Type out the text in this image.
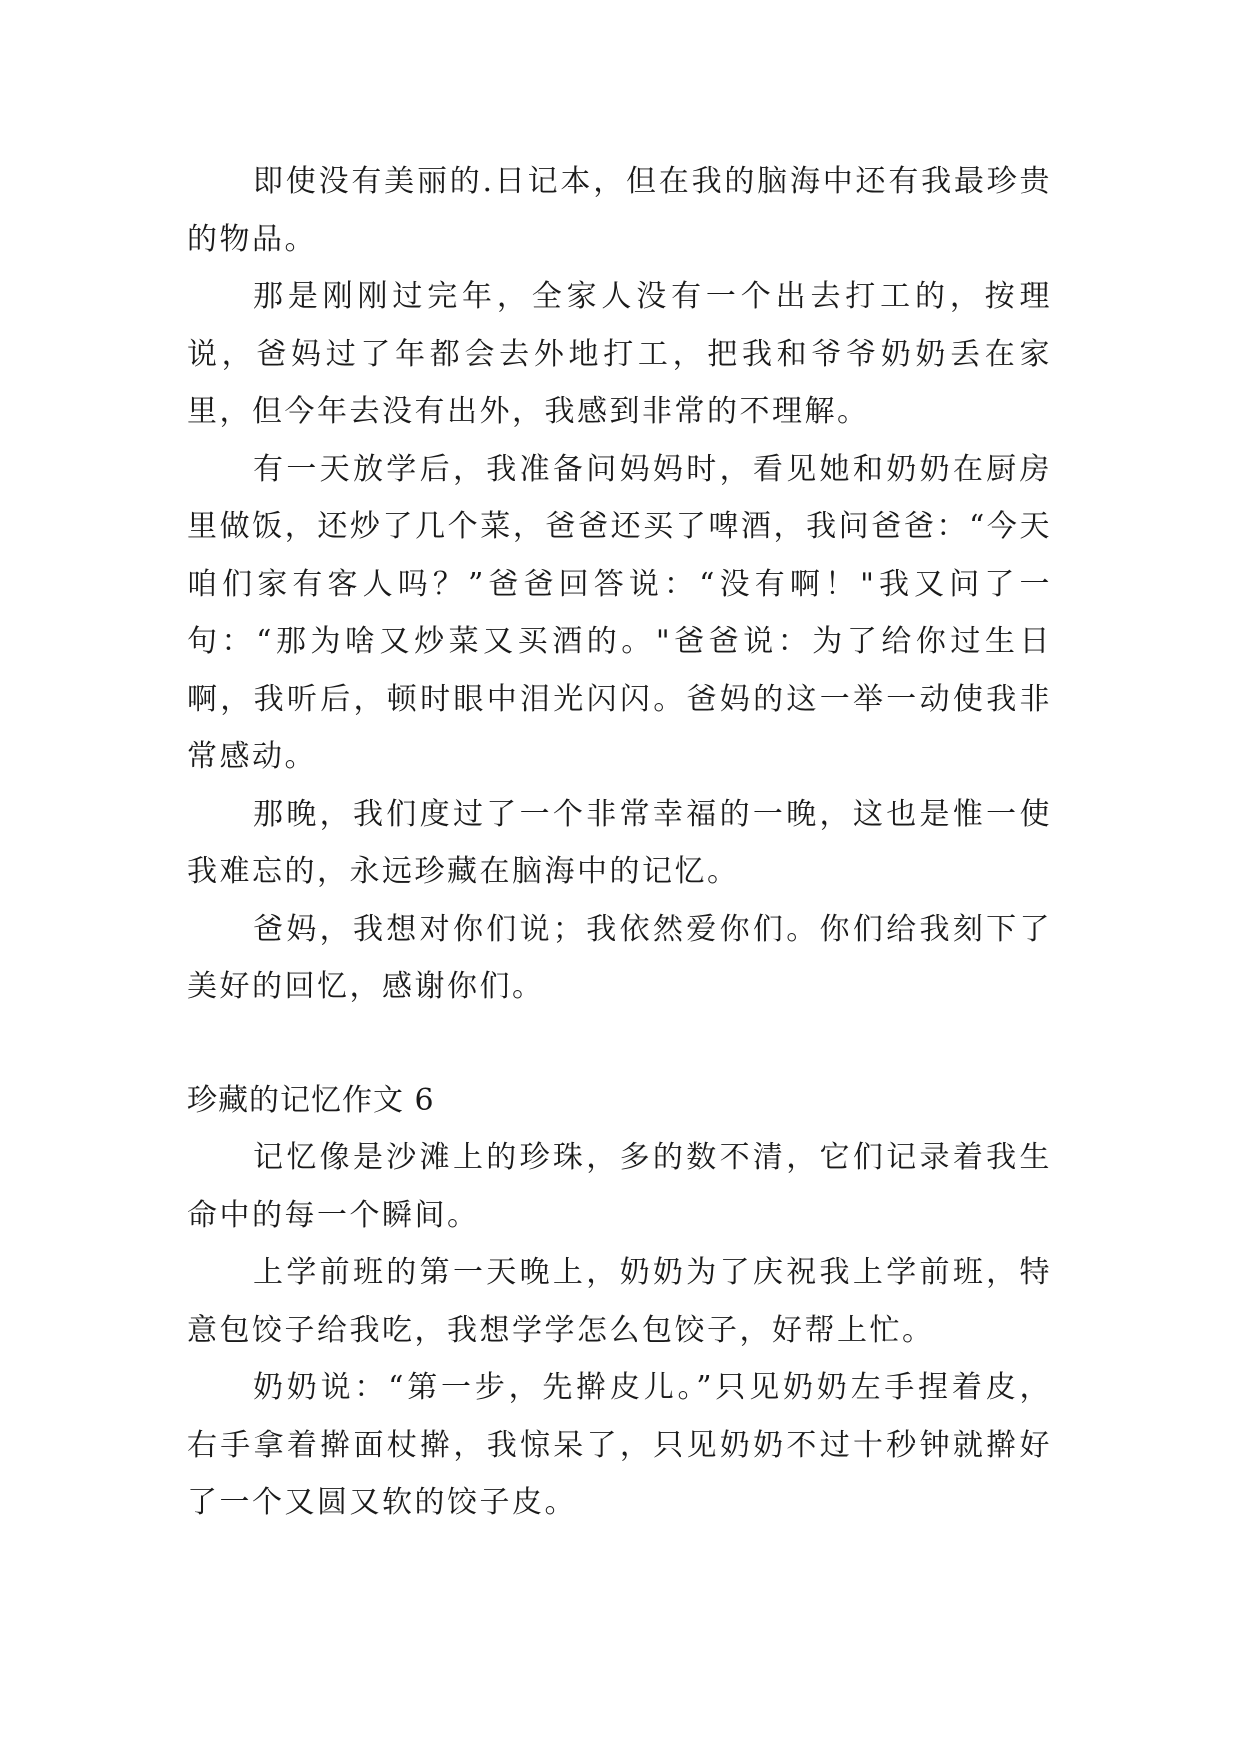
即使没有美丽的.日记本，但在我的脑海中还有我最珍贵的物品。

那是刚刚过完年，全家人没有一个出去打工的，按理说，爸妈过了年都会去外地打工，把我和爷爷奶奶丢在家里，但今年去没有出外，我感到非常的不理解。

有一天放学后，我准备问妈妈时，看见她和奶奶在厨房里做饭，还炒了几个菜，爸爸还买了啤酒，我问爸爸：“今天咱们家有客人吗？”爸爸回答说：“没有啊！"我又问了一句：“那为啥又炒菜又买酒的。"爸爸说：为了给你过生日啊，我听后，顿时眼中泪光闪闪。爸妈的这一举一动使我非常感动。

那晚，我们度过了一个非常幸福的一晚，这也是惟一使我难忘的，永远珍藏在脑海中的记忆。

爸妈，我想对你们说；我依然爱你们。你们给我刻下了美好的回忆，感谢你们。

珍藏的记忆作文 6

记忆像是沙滩上的珍珠，多的数不清，它们记录着我生命中的每一个瞬间。

上学前班的第一天晚上，奶奶为了庆祝我上学前班，特意包饺子给我吃，我想学学怎么包饺子，好帮上忙。

奶奶说：“第一步，先擀皮儿。”只见奶奶左手捏着皮，右手拿着擀面杖擀，我惊呆了，只见奶奶不过十秒钟就擀好了一个又圆又软的饺子皮。
